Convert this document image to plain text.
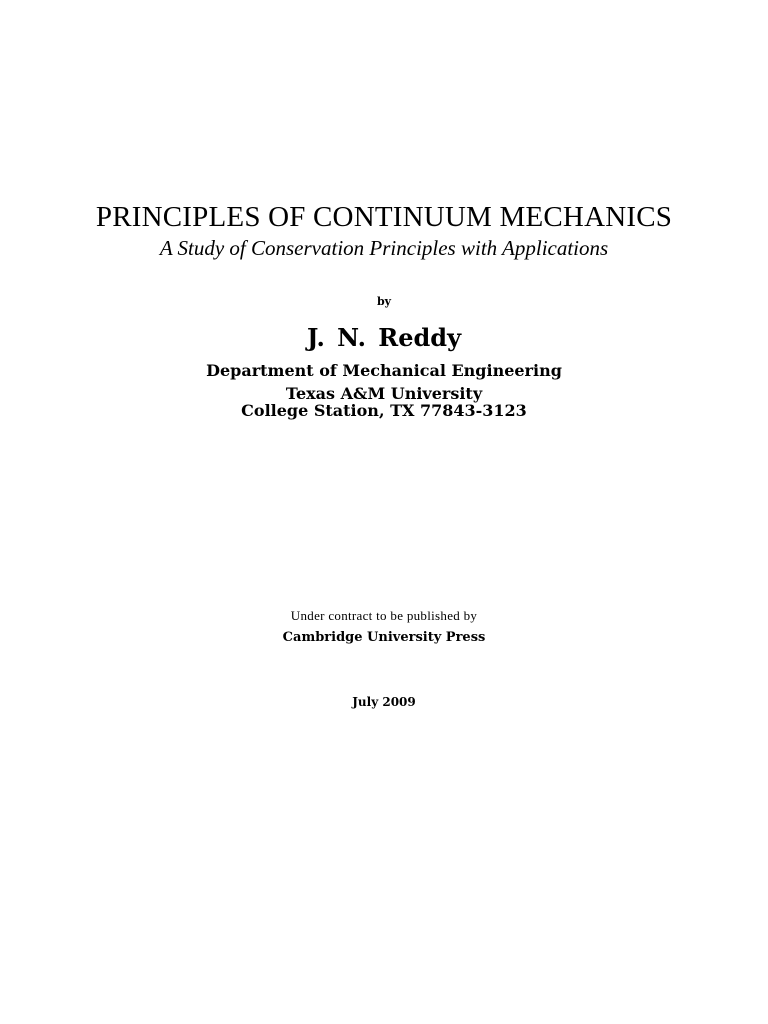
PRINCIPLES OF CONTINUUM MECHANICS
A Study of Conservation Principles with Applications
by
J. N. Reddy
Department of Mechanical Engineering
Texas A&M University
College Station, TX 77843-3123
Under contract to be published by
Cambridge University Press
July 2009
